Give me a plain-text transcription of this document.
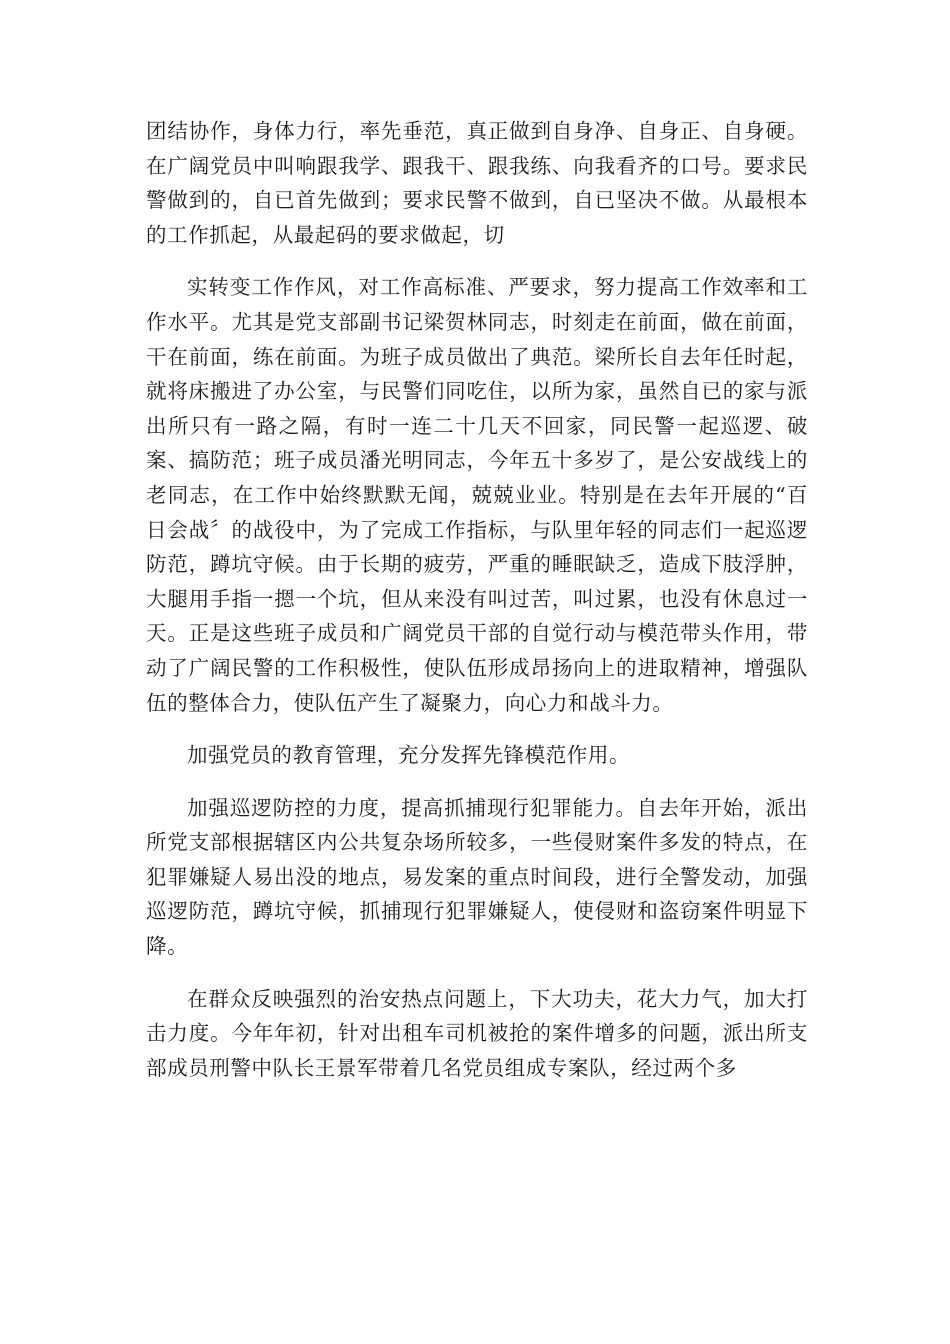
团结协作，身体力行，率先垂范，真正做到自身净、自身正、自身硬。在广阔党员中叫响跟我学、跟我干、跟我练、向我看齐的口号。要求民警做到的，自已首先做到；要求民警不做到，自已坚决不做。从最根本的工作抓起，从最起码的要求做起，切

实转变工作作风，对工作高标准、严要求，努力提高工作效率和工作水平。尤其是党支部副书记梁贺林同志，时刻走在前面，做在前面，干在前面，练在前面。为班子成员做出了典范。梁所长自去年任时起，就将床搬进了办公室，与民警们同吃住，以所为家，虽然自已的家与派出所只有一路之隔，有时一连二十几天不回家，同民警一起巡逻、破案、搞防范；班子成员潘光明同志，今年五十多岁了，是公安战线上的老同志，在工作中始终默默无闻，兢兢业业。特别是在去年开展的“百日会战〞的战役中，为了完成工作指标，与队里年轻的同志们一起巡逻防范，蹲坑守候。由于长期的疲劳，严重的睡眠缺乏，造成下肢浮肿，大腿用手指一摁一个坑，但从来没有叫过苦，叫过累，也没有休息过一天。正是这些班子成员和广阔党员干部的自觉行动与模范带头作用，带动了广阔民警的工作积极性，使队伍形成昂扬向上的进取精神，增强队伍的整体合力，使队伍产生了凝聚力，向心力和战斗力。

加强党员的教育管理，充分发挥先锋模范作用。

加强巡逻防控的力度，提高抓捕现行犯罪能力。自去年开始，派出所党支部根据辖区内公共复杂场所较多，一些侵财案件多发的特点，在犯罪嫌疑人易出没的地点，易发案的重点时间段，进行全警发动，加强巡逻防范，蹲坑守候，抓捕现行犯罪嫌疑人，使侵财和盗窃案件明显下降。

在群众反映强烈的治安热点问题上，下大功夫，花大力气，加大打击力度。今年年初，针对出租车司机被抢的案件增多的问题，派出所支部成员刑警中队长王景军带着几名党员组成专案队，经过两个多
